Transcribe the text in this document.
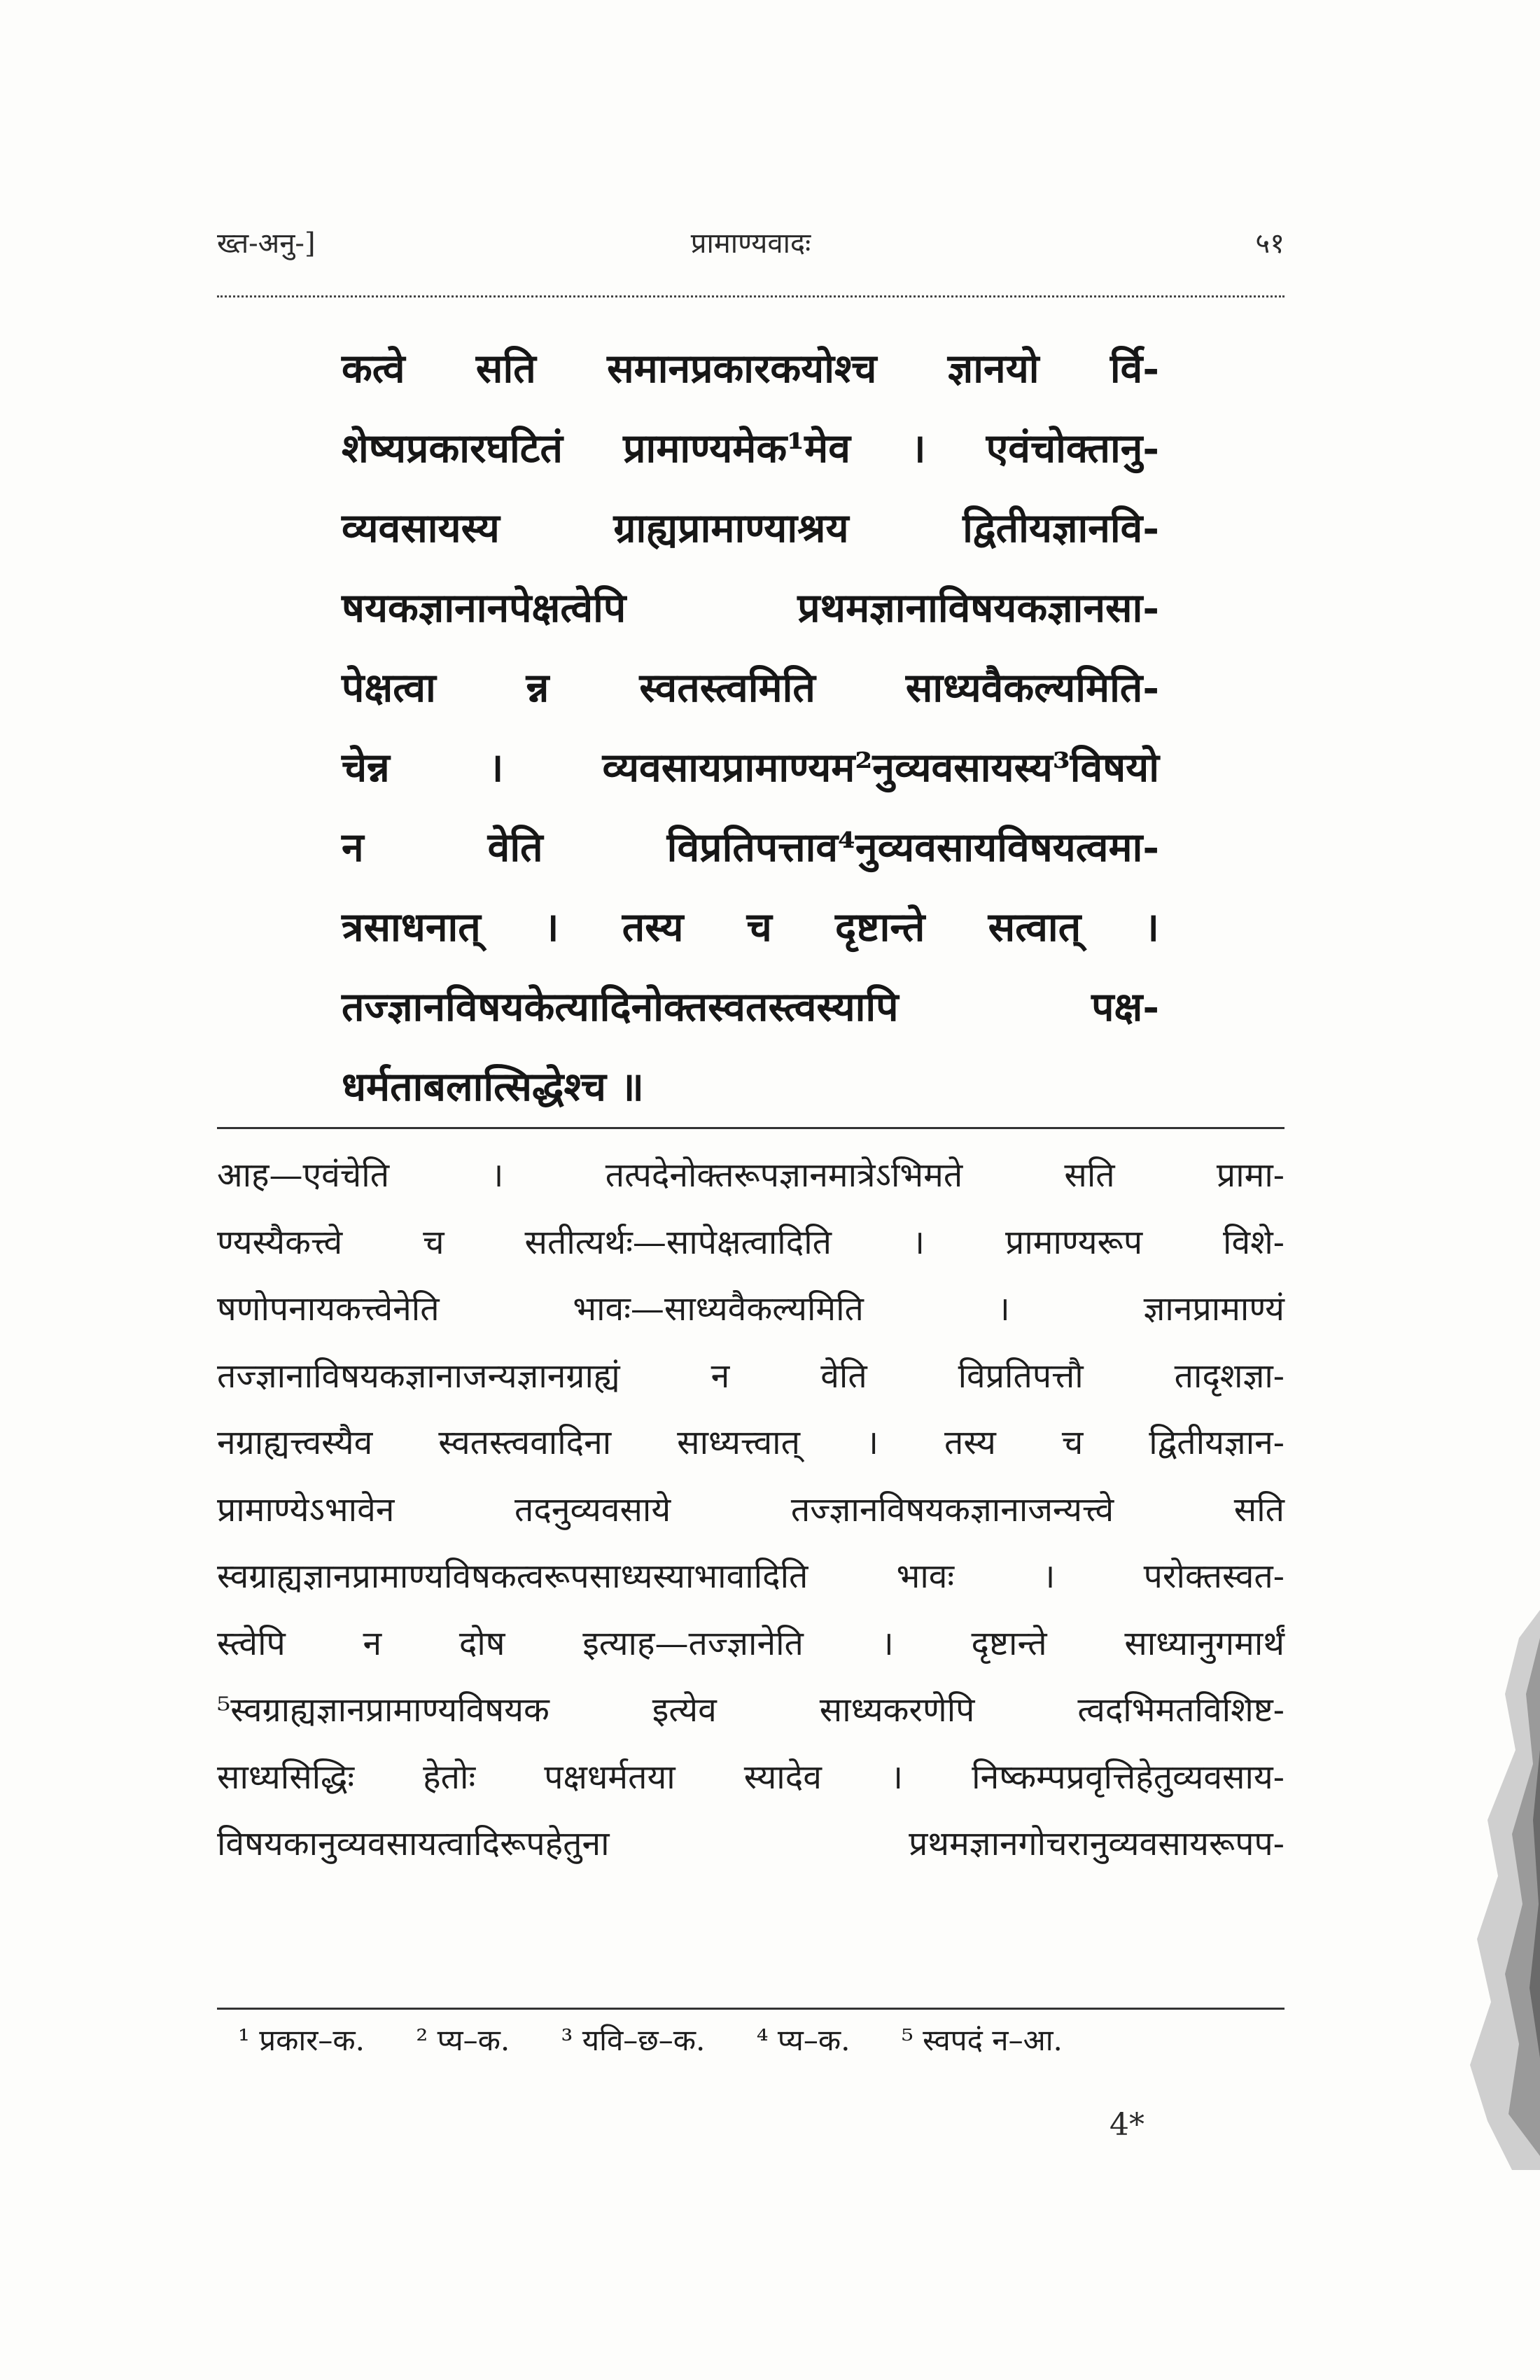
ख्त-अनु-]	प्रामाण्यवादः	५१
कत्वे सति समानप्रकारकयोश्च ज्ञानयो र्वि-
शेष्यप्रकारघटितं प्रामाण्यमेक¹मेव । एवंचोक्तानु-
व्यवसायस्य ग्राह्यप्रामाण्याश्रय द्वितीयज्ञानवि-
षयकज्ञानानपेक्षत्वेपि प्रथमज्ञानाविषयकज्ञानसा-
पेक्षत्वा न्न स्वतस्त्वमिति साध्यवैकल्यमिति-
चेन्न । व्यवसायप्रामाण्यम²नुव्यवसायस्य³विषयो
न वेति विप्रतिपत्ताव⁴नुव्यवसायविषयत्वमा-
त्रसाधनात् । तस्य च दृष्टान्ते सत्वात् ।
तज्ज्ञानविषयकेत्यादिनोक्तस्वतस्त्वस्यापि पक्ष-
धर्मताबलात्सिद्धेश्च ॥
आह—एवंचेति । तत्पदेनोक्तरूपज्ञानमात्रेऽभिमते सति प्रामा-
ण्यस्यैकत्त्वे च सतीत्यर्थः—सापेक्षत्वादिति । प्रामाण्यरूप विशे-
षणोपनायकत्त्वेनेति भावः—साध्यवैकल्यमिति । ज्ञानप्रामाण्यं
तज्ज्ञानाविषयकज्ञानाजन्यज्ञानग्राह्यं न वेति विप्रतिपत्तौ तादृशज्ञा-
नग्राह्यत्त्वस्यैव स्वतस्त्ववादिना साध्यत्त्वात् । तस्य च द्वितीयज्ञान-
प्रामाण्येऽभावेन तदनुव्यवसाये तज्ज्ञानविषयकज्ञानाजन्यत्त्वे सति
स्वग्राह्यज्ञानप्रामाण्यविषकत्वरूपसाध्यस्याभावादिति भावः । परोक्तस्वत-
स्त्वेपि न दोष इत्याह—तज्ज्ञानेति । दृष्टान्ते साध्यानुगमार्थं
⁵स्वग्राह्यज्ञानप्रामाण्यविषयक इत्येव साध्यकरणेपि त्वदभिमतविशिष्ट-
साध्यसिद्धिः हेतोः पक्षधर्मतया स्यादेव । निष्कम्पप्रवृत्तिहेतुव्यवसाय-
विषयकानुव्यवसायत्वादिरूपहेतुना प्रथमज्ञानगोचरानुव्यवसायरूपप-
¹ प्रकार–क. ² प्य–क. ³ यवि–छ–क. ⁴ प्य–क. ⁵ स्वपदं न–आ.
4*
